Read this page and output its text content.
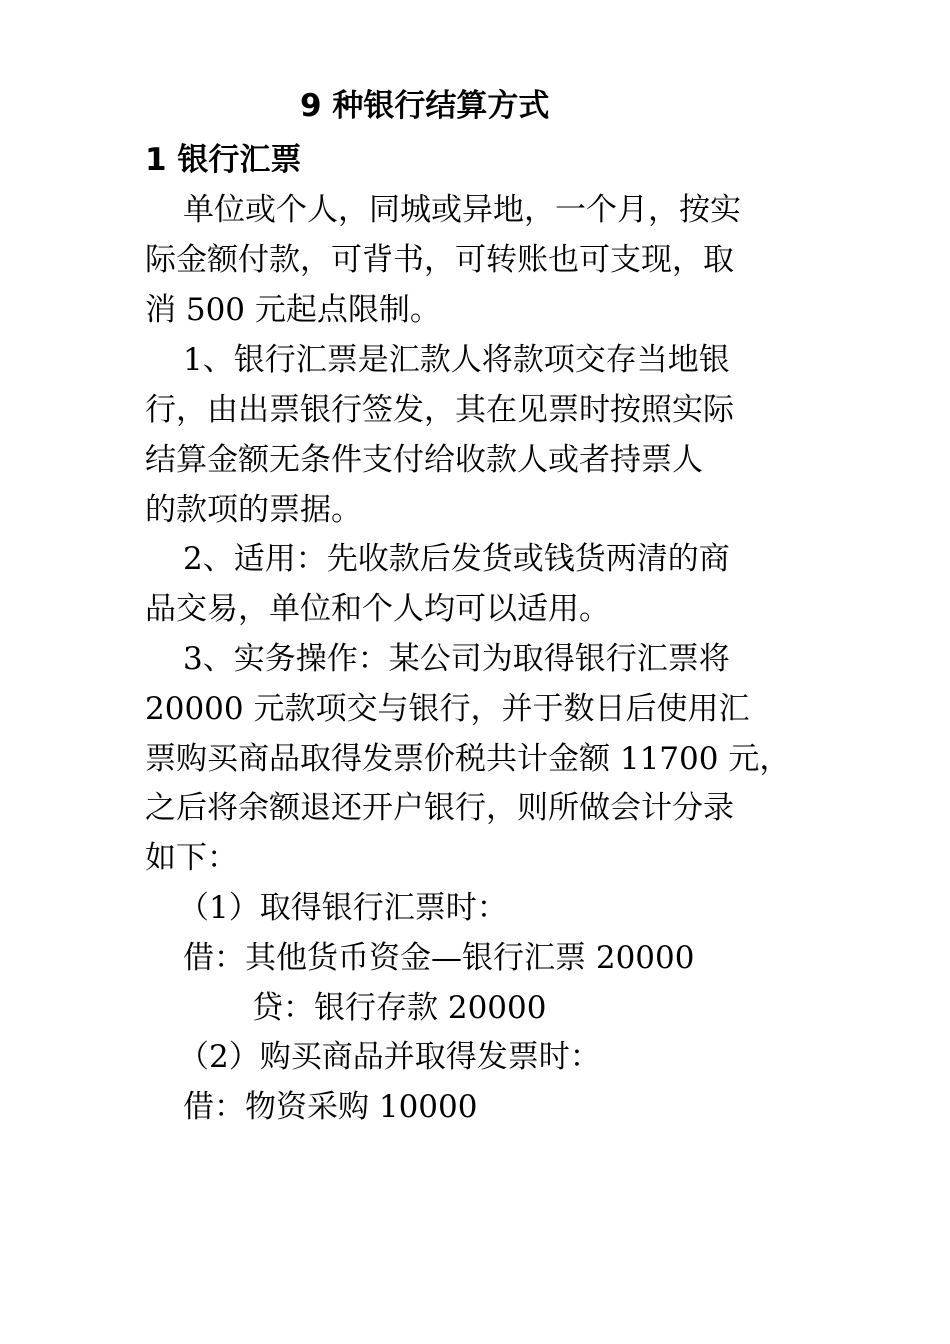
9 种银行结算方式
1 银行汇票
单位或个人，同城或异地，一个月，按实
际金额付款，可背书，可转账也可支现，取
消 500 元起点限制。
1、银行汇票是汇款人将款项交存当地银
行，由出票银行签发，其在见票时按照实际
结算金额无条件支付给收款人或者持票人
的款项的票据。
2、适用：先收款后发货或钱货两清的商
品交易，单位和个人均可以适用。
3、实务操作：某公司为取得银行汇票将
20000 元款项交与银行，并于数日后使用汇
票购买商品取得发票价税共计金额 11700 元，
之后将余额退还开户银行，则所做会计分录
如下：
（1）取得银行汇票时：
借：其他货币资金—银行汇票 20000
贷：银行存款 20000
（2）购买商品并取得发票时：
借：物资采购 10000
